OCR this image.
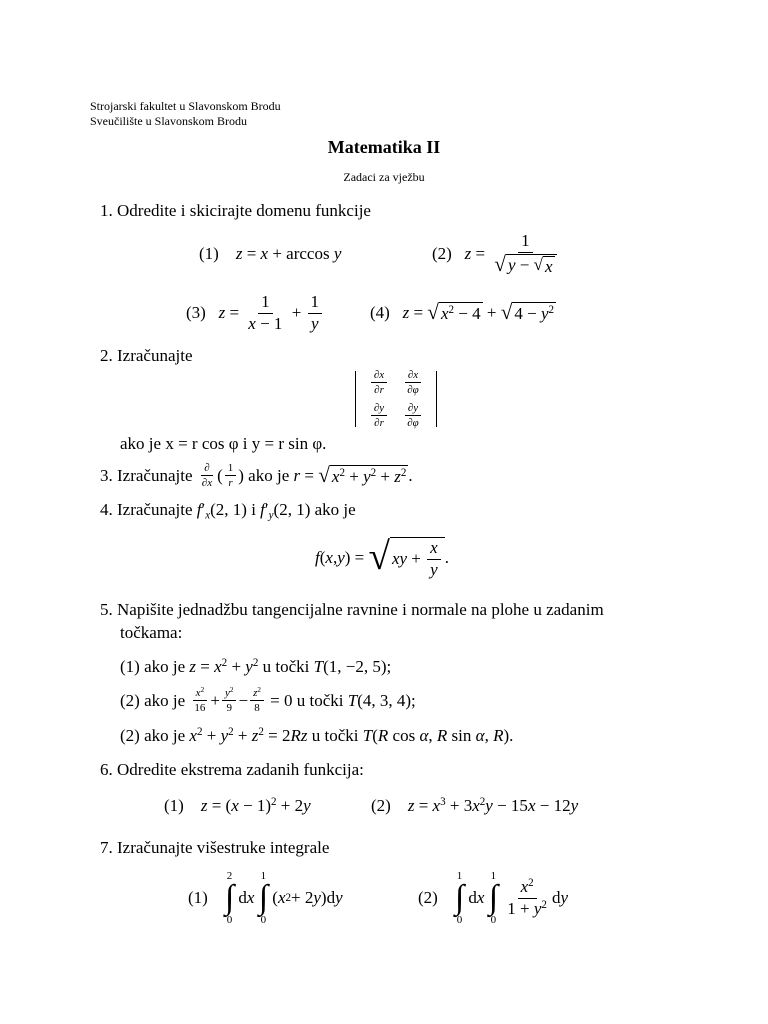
Strojarski fakultet u Slavonskom Brodu
Sveučilište u Slavonskom Brodu
Matematika II
Zadaci za vježbu
1. Odredite i skicirajte domenu funkcije
(1) z = x + arccos y	(2)
$z = \frac{1}{√ y - √ x}$
(3)
$z = \frac{1}{x - 1} + \frac{1}{y}$	(4)
z = √ $x^2 - 4$ + √ $4 - y^2$
2. Izračunajte
$\frac{\partial x}{\partial r} \frac{\partial x}{\partial\varphi}$
$\frac{\partial y}{\partial r} \frac{\partial y}{\partial\varphi}$
ako je x = r cos φ i y = r sin φ.
3.
Izračunajte
$\frac{\partial}{\partial x}$ ( $\frac{1}{r}$ ) ako je
r = √ $x^2 + y^2 + z^2$ .
4. Izračunajte $f'_x(2$, 1) i $f'_y(2$, 1) ako je
f ( x , y ) = √ xy + $\frac{x}{y}$ .
5. Napišite jednadžbu tangencijalne ravnine i normale na plohe u zadanim
točkama:
(1) ako je $z = x^2 + y^2$ u točki T(1, −2, 5);
(2)
ako je
$\frac{x^2}{16} + \frac{y^2}{9} - \frac{z^2}{8}$
= 0
u točki
T(4, 3, 4);
(2) ako je $x^2 + y^2 + z^2 = 2Rz$ u točki T(R cos α, R sin α, R).
6. Odredite ekstrema zadanih funkcija:
(1) $z = (x - 1)^2 + 2y$	(2) $z = x^3 + 3x^2y - 15x - 12y$
7. Izračunajte višestruke integrale
(1)

2
∫
0
d x

1
∫
0
( x 2 + 2 y )d y	(2)

1
∫
0
d x

1
∫
0

$\frac{x^2}{1 + y^2}$ d y
